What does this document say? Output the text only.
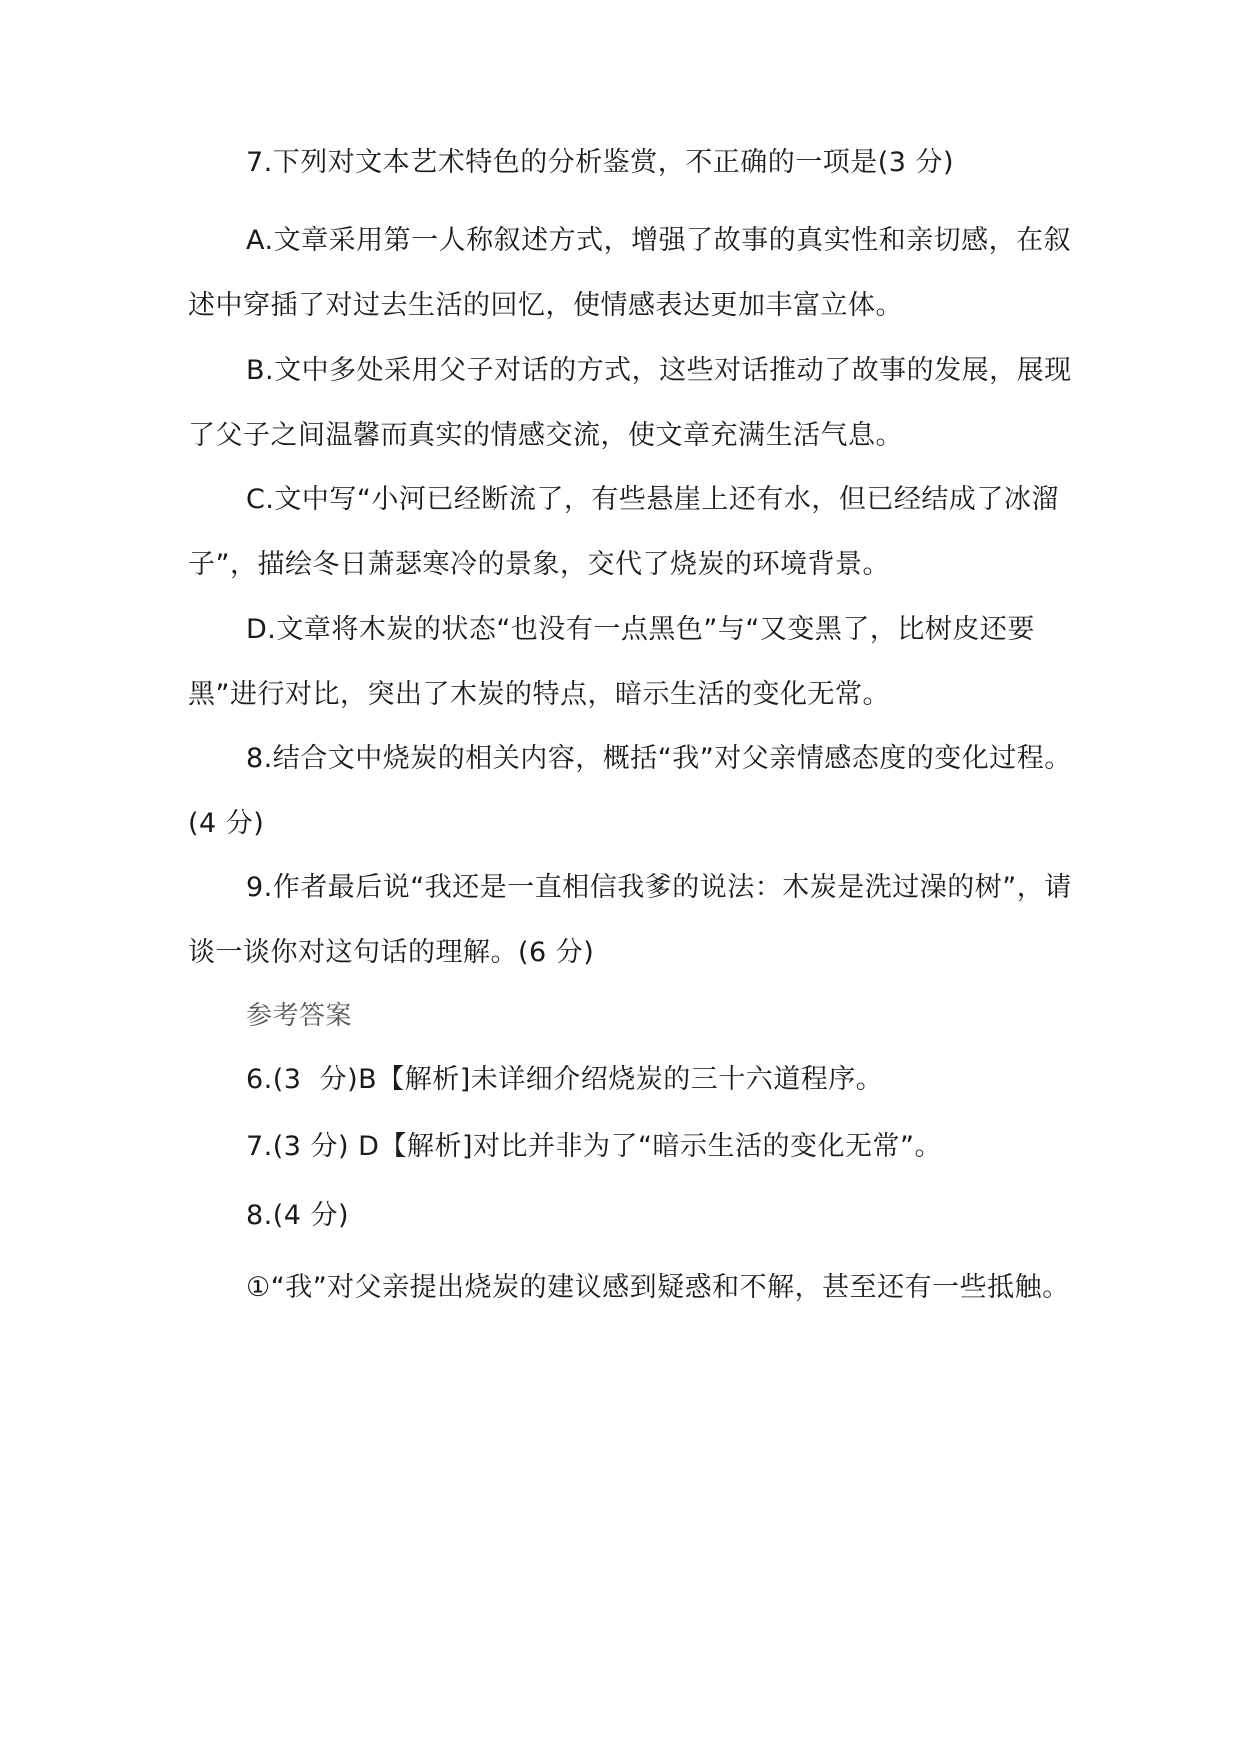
7.下列对文本艺术特色的分析鉴赏，不正确的一项是(3 分)

A.文章采用第一人称叙述方式，增强了故事的真实性和亲切感，在叙述中穿插了对过去生活的回忆，使情感表达更加丰富立体。

B.文中多处采用父子对话的方式，这些对话推动了故事的发展，展现了父子之间温馨而真实的情感交流，使文章充满生活气息。

C.文中写“小河已经断流了，有些悬崖上还有水，但已经结成了冰溜子”，描绘冬日萧瑟寒冷的景象，交代了烧炭的环境背景。

D.文章将木炭的状态“也没有一点黑色”与“又变黑了，比树皮还要黑”进行对比，突出了木炭的特点，暗示生活的变化无常。

8.结合文中烧炭的相关内容，概括“我”对父亲情感态度的变化过程。(4 分)

9.作者最后说“我还是一直相信我爹的说法：木炭是洗过澡的树”，请谈一谈你对这句话的理解。(6 分)

参考答案

6.(3  分)B【解析]未详细介绍烧炭的三十六道程序。

7.(3 分) D【解析]对比并非为了“暗示生活的变化无常”。

8.(4 分)

①“我”对父亲提出烧炭的建议感到疑惑和不解，甚至还有一些抵触。
